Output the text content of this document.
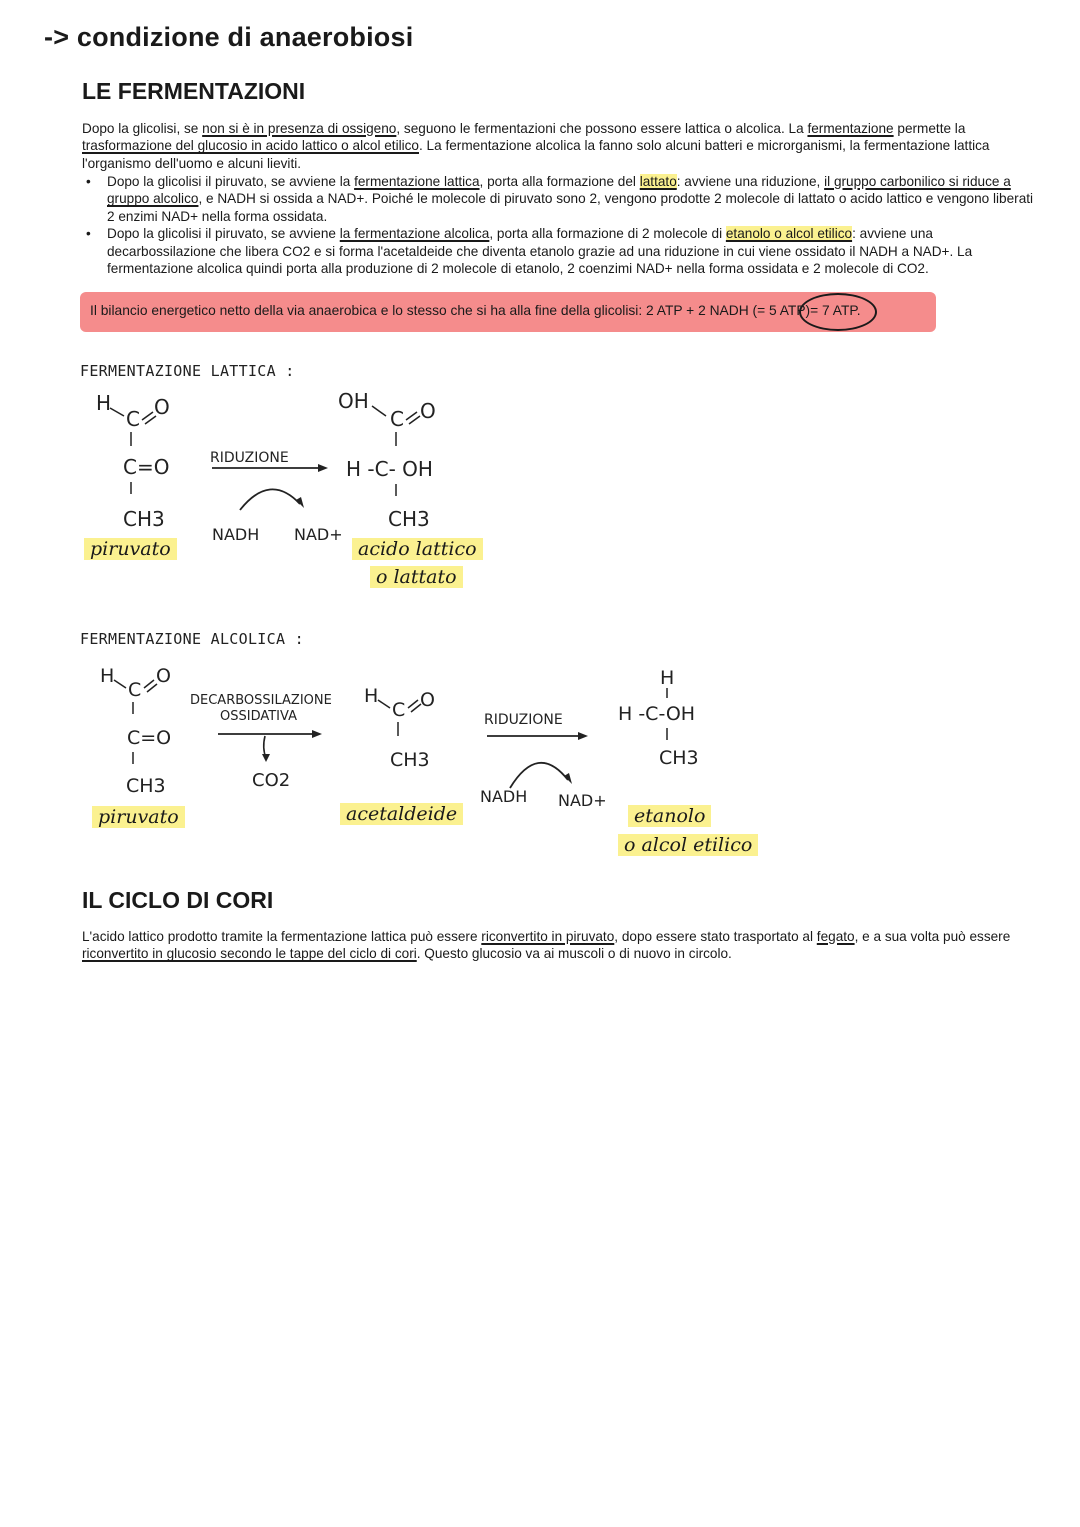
-> condizione di anaerobiosi
LE FERMENTAZIONI

Dopo la glicolisi, se non si è in presenza di ossigeno, seguono le fermentazioni che possono essere lattica o alcolica. La fermentazione permette la trasformazione del glucosio in acido lattico o alcol etilico. La fermentazione alcolica la fanno solo alcuni batteri e microrganismi, la fermentazione lattica l'organismo dell'uomo e alcuni lieviti.

• Dopo la glicolisi il piruvato, se avviene la fermentazione lattica, porta alla formazione del lattato: avviene una riduzione, il gruppo carbonilico si riduce a gruppo alcolico, e NADH si ossida a NAD+. Poiché le molecole di piruvato sono 2, vengono prodotte 2 molecole di lattato o acido lattico e vengono liberati 2 enzimi NAD+ nella forma ossidata.
• Dopo la glicolisi il piruvato, se avviene la fermentazione alcolica, porta alla formazione di 2 molecole di etanolo o alcol etilico: avviene una decarbossilazione che libera CO2 e si forma l'acetaldeide che diventa etanolo grazie ad una riduzione in cui viene ossidato il NADH a NAD+. La fermentazione alcolica quindi porta alla produzione di 2 molecole di etanolo, 2 coenzimi NAD+ nella forma ossidata e 2 molecole di CO2.
Il bilancio energetico netto della via anaerobica e lo stesso che si ha alla fine della glicolisi: 2 ATP + 2 NADH (= 5 ATP)= 7 ATP.

FERMENTAZIONE LATTICA :

H
C O
C=O
CH3
RIDUZIONE
NADH NAD+
OH
C O
H -C- OH
CH3
piruvato	acido lattico
o lattato

FERMENTAZIONE ALCOLICA :

H
C
O
C=O
CH3
DECARBOSSILAZIONE
OSSIDATIVA
CO2
H
C O
CH3
RIDUZIONE
NADH NAD+
H
H -C-OH
CH3
piruvato	acetaldeide	etanolo
o alcol etilico
IL CICLO DI CORI

L'acido lattico prodotto tramite la fermentazione lattica può essere riconvertito in piruvato, dopo essere stato trasportato al fegato, e a sua volta può essere riconvertito in glucosio secondo le tappe del ciclo di cori. Questo glucosio va ai muscoli o di nuovo in circolo.
